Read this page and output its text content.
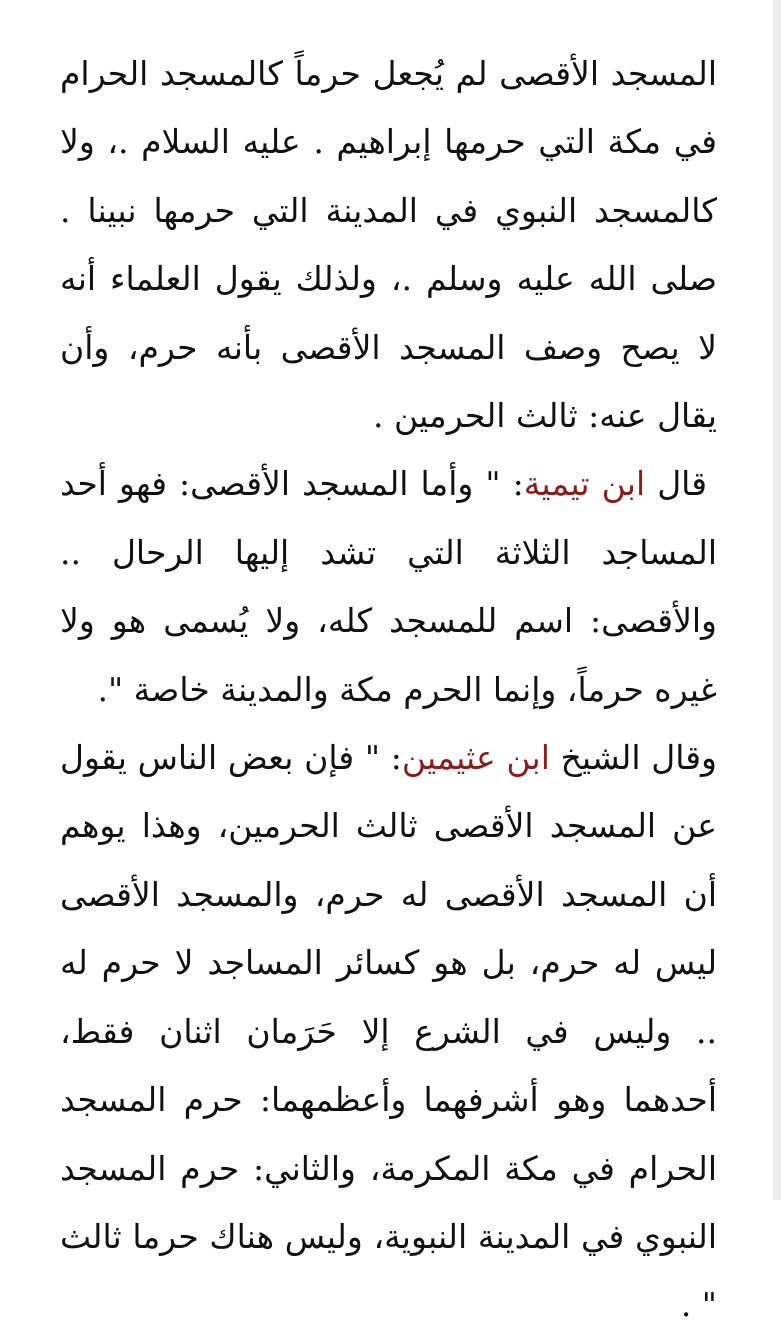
المسجد الأقصى لم يُجعل حرماً كالمسجد الحرام في مكة التي حرمها إبراهيم . عليه السلام .، ولا كالمسجد النبوي في المدينة التي حرمها نبينا . صلى الله عليه وسلم .، ولذلك يقول العلماء أنه لا يصح وصف المسجد الأقصى بأنه حرم، وأن يقال عنه: ثالث الحرمين .

قال ابن تيمية: " وأما المسجد الأقصى: فهو أحد المساجد الثلاثة التي تشد إليها الرحال .. والأقصى: اسم للمسجد كله، ولا يُسمى هو ولا غيره حرماً، وإنما الحرم مكة والمدينة خاصة ".

وقال الشيخ ابن عثيمين: " فإن بعض الناس يقول عن المسجد الأقصى ثالث الحرمين، وهذا يوهم أن المسجد الأقصى له حرم، والمسجد الأقصى ليس له حرم، بل هو كسائر المساجد لا حرم له .. وليس في الشرع إلا حَرَمان اثنان فقط، أحدهما وهو أشرفهما وأعظمهما: حرم المسجد الحرام في مكة المكرمة، والثاني: حرم المسجد النبوي في المدينة النبوية، وليس هناك حرما ثالث " .
